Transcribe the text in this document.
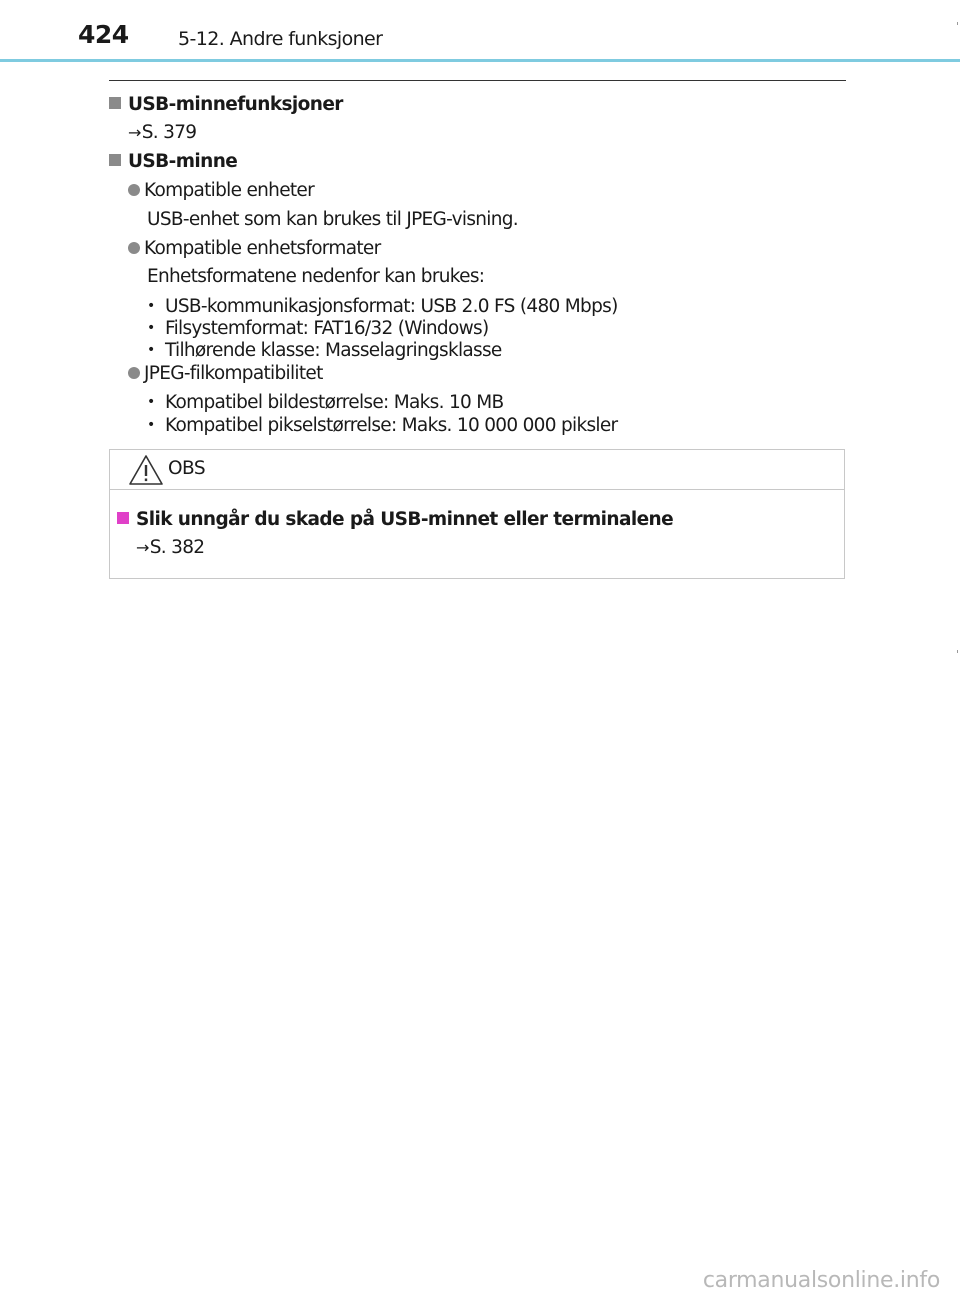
424	5-12. Andre funksjoner
USB-minnefunksjoner
→S. 379
USB-minne
Kompatible enheter
USB-enhet som kan brukes til JPEG-visning.
Kompatible enhetsformater
Enhetsformatene nedenfor kan brukes:
• USB-kommunikasjonsformat: USB 2.0 FS (480 Mbps)
• Filsystemformat: FAT16/32 (Windows)
• Tilhørende klasse: Masselagringsklasse
JPEG-filkompatibilitet
• Kompatibel bildestørrelse: Maks. 10 MB
• Kompatibel pikselstørrelse: Maks. 10 000 000 piksler
OBS
Slik unngår du skade på USB-minnet eller terminalene
→S. 382
carmanualsonline.info
